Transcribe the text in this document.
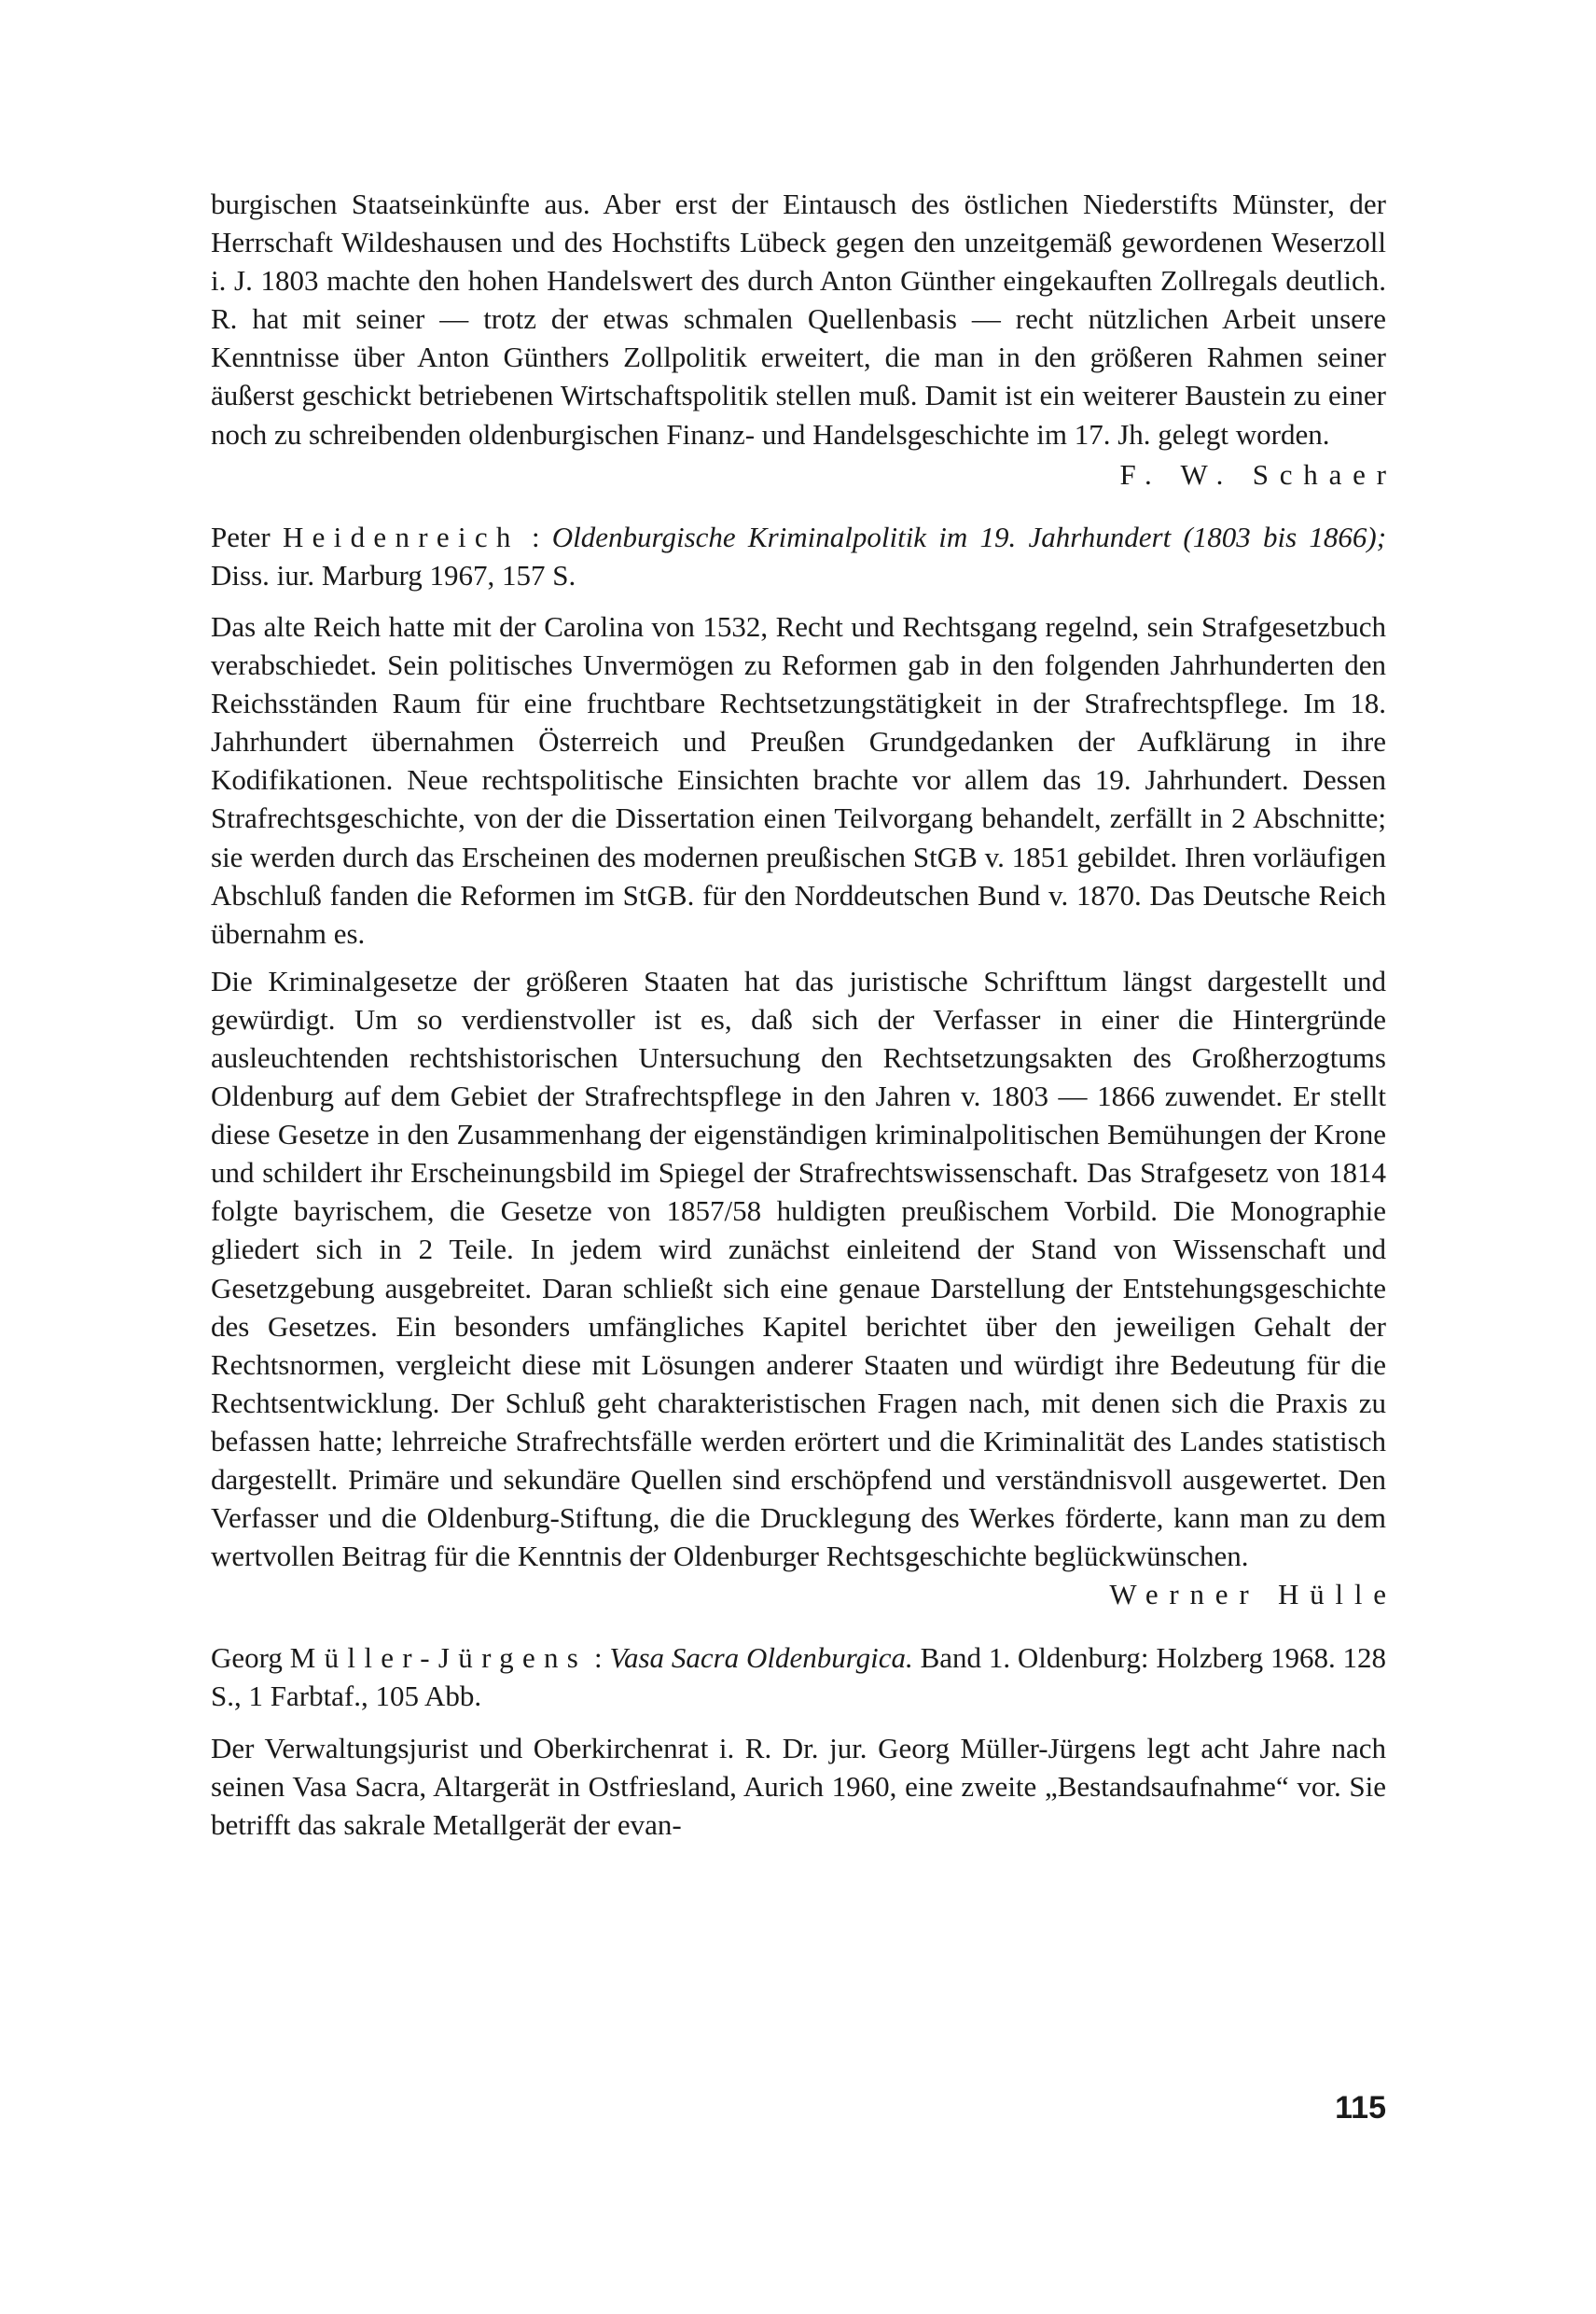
burgischen Staatseinkünfte aus. Aber erst der Eintausch des östlichen Niederstifts Münster, der Herrschaft Wildeshausen und des Hochstifts Lübeck gegen den unzeitgemäß gewordenen Weserzoll i. J. 1803 machte den hohen Handelswert des durch Anton Günther eingekauften Zollregals deutlich. R. hat mit seiner — trotz der etwas schmalen Quellenbasis — recht nützlichen Arbeit unsere Kenntnisse über Anton Günthers Zollpolitik erweitert, die man in den größeren Rahmen seiner äußerst geschickt betriebenen Wirtschaftspolitik stellen muß. Damit ist ein weiterer Baustein zu einer noch zu schreibenden oldenburgischen Finanz- und Handelsgeschichte im 17. Jh. gelegt worden.

F. W. Schaer

Peter Heidenreich : Oldenburgische Kriminalpolitik im 19. Jahrhundert (1803 bis 1866); Diss. iur. Marburg 1967, 157 S.

Das alte Reich hatte mit der Carolina von 1532, Recht und Rechtsgang regelnd, sein Strafgesetzbuch verabschiedet. Sein politisches Unvermögen zu Reformen gab in den folgenden Jahrhunderten den Reichsständen Raum für eine fruchtbare Rechtsetzungstätigkeit in der Strafrechtspflege. Im 18. Jahrhundert übernahmen Österreich und Preußen Grundgedanken der Aufklärung in ihre Kodifikationen. Neue rechtspolitische Einsichten brachte vor allem das 19. Jahrhundert. Dessen Strafrechtsgeschichte, von der die Dissertation einen Teilvorgang behandelt, zerfällt in 2 Abschnitte; sie werden durch das Erscheinen des modernen preußischen StGB v. 1851 gebildet. Ihren vorläufigen Abschluß fanden die Reformen im StGB. für den Norddeutschen Bund v. 1870. Das Deutsche Reich übernahm es.

Die Kriminalgesetze der größeren Staaten hat das juristische Schrifttum längst dargestellt und gewürdigt. Um so verdienstvoller ist es, daß sich der Verfasser in einer die Hintergründe ausleuchtenden rechtshistorischen Untersuchung den Rechtsetzungsakten des Großherzogtums Oldenburg auf dem Gebiet der Strafrechtspflege in den Jahren v. 1803 — 1866 zuwendet. Er stellt diese Gesetze in den Zusammenhang der eigenständigen kriminalpolitischen Bemühungen der Krone und schildert ihr Erscheinungsbild im Spiegel der Strafrechtswissenschaft. Das Strafgesetz von 1814 folgte bayrischem, die Gesetze von 1857/58 huldigten preußischem Vorbild. Die Monographie gliedert sich in 2 Teile. In jedem wird zunächst einleitend der Stand von Wissenschaft und Gesetzgebung ausgebreitet. Daran schließt sich eine genaue Darstellung der Entstehungsgeschichte des Gesetzes. Ein besonders umfängliches Kapitel berichtet über den jeweiligen Gehalt der Rechtsnormen, vergleicht diese mit Lösungen anderer Staaten und würdigt ihre Bedeutung für die Rechtsentwicklung. Der Schluß geht charakteristischen Fragen nach, mit denen sich die Praxis zu befassen hatte; lehrreiche Strafrechtsfälle werden erörtert und die Kriminalität des Landes statistisch dargestellt. Primäre und sekundäre Quellen sind erschöpfend und verständnisvoll ausgewertet. Den Verfasser und die Oldenburg-Stiftung, die die Drucklegung des Werkes förderte, kann man zu dem wertvollen Beitrag für die Kenntnis der Oldenburger Rechtsgeschichte beglückwünschen.

Werner Hülle

Georg Müller-Jürgens : Vasa Sacra Oldenburgica. Band 1. Oldenburg: Holzberg 1968. 128 S., 1 Farbtaf., 105 Abb.

Der Verwaltungsjurist und Oberkirchenrat i. R. Dr. jur. Georg Müller-Jürgens legt acht Jahre nach seinen Vasa Sacra, Altargerät in Ostfriesland, Aurich 1960, eine zweite „Bestandsaufnahme“ vor. Sie betrifft das sakrale Metallgerät der evan-

115
